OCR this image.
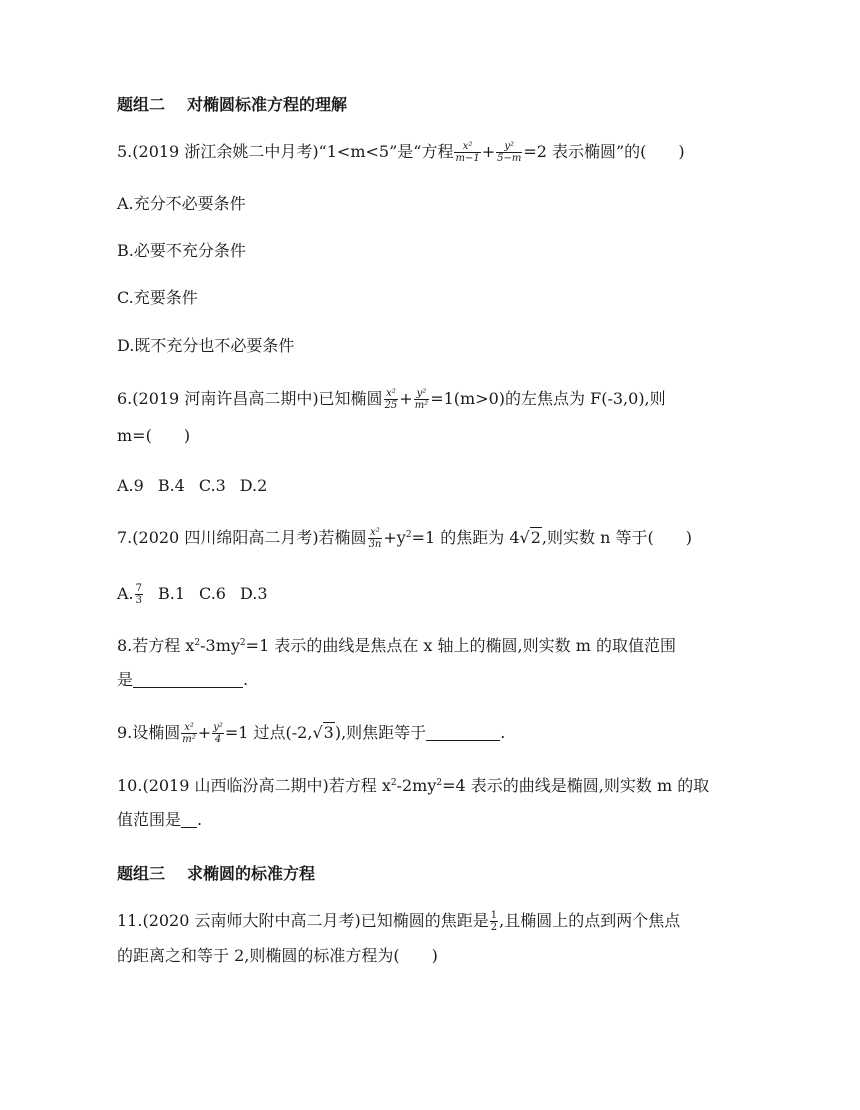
题组二 对椭圆标准方程的理解
5.(2019 浙江余姚二中月考)“1<m<5”是“方程 $\frac{\text{x²}}{m-1} + \frac{\text{y²}}{5-m} =2$ 表示椭圆”的(　　)
A.充分不必要条件
B.必要不充分条件
C.充要条件
D.既不充分也不必要条件
6.(2019 河南许昌高二期中)已知椭圆 $\frac{\text{x²}}{25} + \frac{\text{y²}}{\text{m²}} =1(m>0)$的左焦点为 F(-3,0),则
m=(　　)
A.9 B.4 C.3 D.2
7.(2020 四川绵阳高二月考)若椭圆 $\frac{\text{x²}}{3n} +y^2=1$ 的焦距为 4√2,则实数 n 等于(　　)
A. $\frac{7}{3} B.1$ C.6 D.3
8.若方程 $x^2-3my^2=1$ 表示的曲线是焦点在 x 轴上的椭圆,则实数 m 的取值范围
是	.
9.设椭圆 $\frac{\text{x²}}{\text{m²}} + \frac{\text{y²}}{4} =1$ 过点(-2,√3),则焦距等于	.
10.(2019 山西临汾高二期中)若方程 $x^2-2my^2=4$ 表示的曲线是椭圆,则实数 m 的取
值范围是 .
题组三 求椭圆的标准方程
11.(2020 云南师大附中高二月考)已知椭圆的焦距是 $\frac{1}{2}$ ,且椭圆上的点到两个焦点
的距离之和等于 2,则椭圆的标准方程为(　　)
